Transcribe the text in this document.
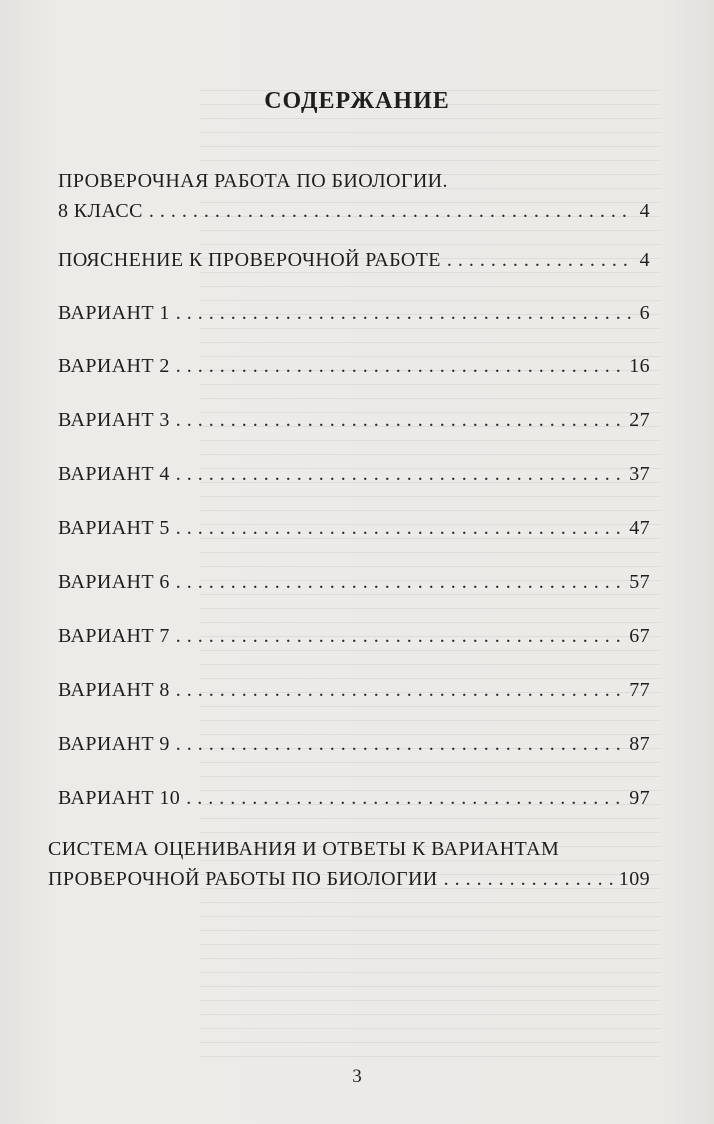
СОДЕРЖАНИЕ
ПРОВЕРОЧНАЯ РАБОТА ПО БИОЛОГИИ.
8 КЛАСС . . .	4
ПОЯСНЕНИЕ К ПРОВЕРОЧНОЙ РАБОТЕ . . .	4
ВАРИАНТ 1 . . .	6
ВАРИАНТ 2 . . .	16
ВАРИАНТ 3 . . .	27
ВАРИАНТ 4 . . .	37
ВАРИАНТ 5 . . .	47
ВАРИАНТ 6 . . .	57
ВАРИАНТ 7 . . .	67
ВАРИАНТ 8 . . .	77
ВАРИАНТ 9 . . .	87
ВАРИАНТ 10 . . .	97
СИСТЕМА ОЦЕНИВАНИЯ И ОТВЕТЫ К ВАРИАНТАМ
ПРОВЕРОЧНОЙ РАБОТЫ ПО БИОЛОГИИ . . .	109
3
